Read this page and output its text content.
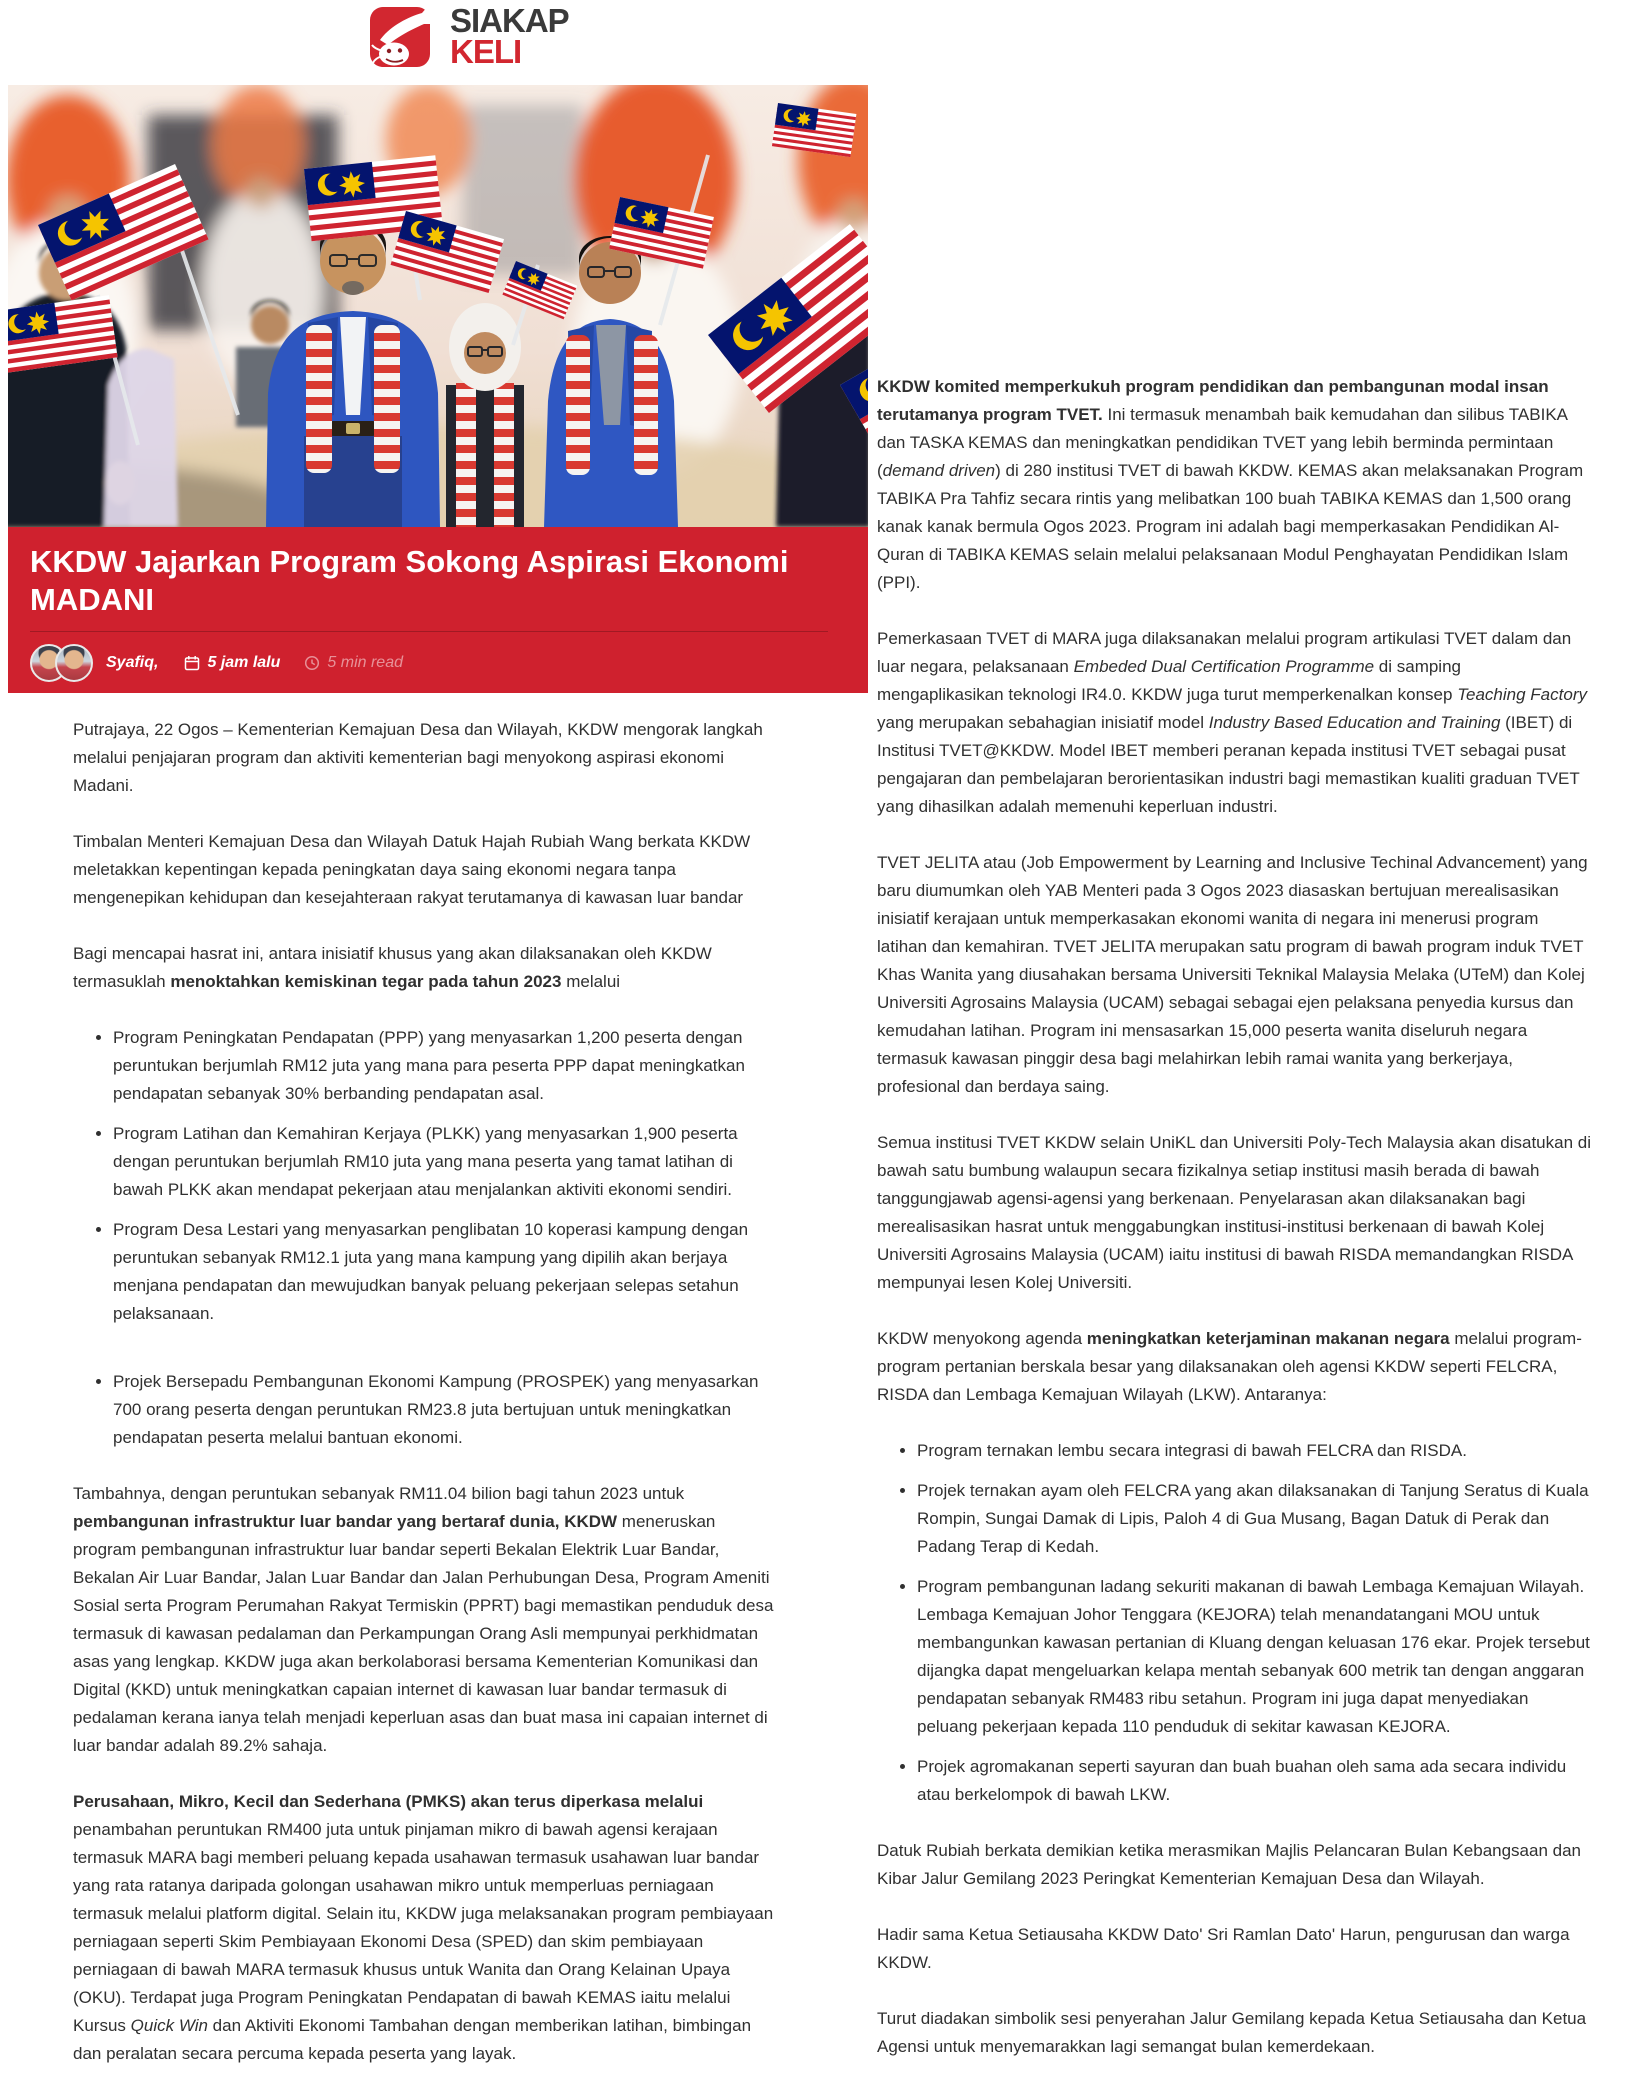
SIAKAP
KELI
KKDW Jajarkan Program Sokong Aspirasi Ekonomi MADANI
Syafiq,	5 jam lalu	5 min read

Putrajaya, 22 Ogos – Kementerian Kemajuan Desa dan Wilayah, KKDW mengorak langkah melalui penjajaran program dan aktiviti kementerian bagi menyokong aspirasi ekonomi Madani.

Timbalan Menteri Kemajuan Desa dan Wilayah Datuk Hajah Rubiah Wang berkata KKDW meletakkan kepentingan kepada peningkatan daya saing ekonomi negara tanpa mengenepikan kehidupan dan kesejahteraan rakyat terutamanya di kawasan luar bandar

Bagi mencapai hasrat ini, antara inisiatif khusus yang akan dilaksanakan oleh KKDW termasuklah menoktahkan kemiskinan tegar pada tahun 2023 melalui

• Program Peningkatan Pendapatan (PPP) yang menyasarkan 1,200 peserta dengan peruntukan berjumlah RM12 juta yang mana para peserta PPP dapat meningkatkan pendapatan sebanyak 30% berbanding pendapatan asal.
• Program Latihan dan Kemahiran Kerjaya (PLKK) yang menyasarkan 1,900 peserta dengan peruntukan berjumlah RM10 juta yang mana peserta yang tamat latihan di bawah PLKK akan mendapat pekerjaan atau menjalankan aktiviti ekonomi sendiri.
• Program Desa Lestari yang menyasarkan penglibatan 10 koperasi kampung dengan peruntukan sebanyak RM12.1 juta yang mana kampung yang dipilih akan berjaya menjana pendapatan dan mewujudkan banyak peluang pekerjaan selepas setahun pelaksanaan.
• Projek Bersepadu Pembangunan Ekonomi Kampung (PROSPEK) yang menyasarkan 700 orang peserta dengan peruntukan RM23.8 juta bertujuan untuk meningkatkan pendapatan peserta melalui bantuan ekonomi.

Tambahnya, dengan peruntukan sebanyak RM11.04 bilion bagi tahun 2023 untuk pembangunan infrastruktur luar bandar yang bertaraf dunia, KKDW meneruskan program pembangunan infrastruktur luar bandar seperti Bekalan Elektrik Luar Bandar, Bekalan Air Luar Bandar, Jalan Luar Bandar dan Jalan Perhubungan Desa, Program Ameniti Sosial serta Program Perumahan Rakyat Termiskin (PPRT) bagi memastikan penduduk desa termasuk di kawasan pedalaman dan Perkampungan Orang Asli mempunyai perkhidmatan asas yang lengkap. KKDW juga akan berkolaborasi bersama Kementerian Komunikasi dan Digital (KKD) untuk meningkatkan capaian internet di kawasan luar bandar termasuk di pedalaman kerana ianya telah menjadi keperluan asas dan buat masa ini capaian internet di luar bandar adalah 89.2% sahaja.

Perusahaan, Mikro, Kecil dan Sederhana (PMKS) akan terus diperkasa melalui penambahan peruntukan RM400 juta untuk pinjaman mikro di bawah agensi kerajaan termasuk MARA bagi memberi peluang kepada usahawan termasuk usahawan luar bandar yang rata ratanya daripada golongan usahawan mikro untuk memperluas perniagaan termasuk melalui platform digital. Selain itu, KKDW juga melaksanakan program pembiayaan perniagaan seperti Skim Pembiayaan Ekonomi Desa (SPED) dan skim pembiayaan perniagaan di bawah MARA termasuk khusus untuk Wanita dan Orang Kelainan Upaya (OKU). Terdapat juga Program Peningkatan Pendapatan di bawah KEMAS iaitu melalui Kursus Quick Win dan Aktiviti Ekonomi Tambahan dengan memberikan latihan, bimbingan dan peralatan secara percuma kepada peserta yang layak.

KKDW komited memperkukuh program pendidikan dan pembangunan modal insan terutamanya program TVET. Ini termasuk menambah baik kemudahan dan silibus TABIKA dan TASKA KEMAS dan meningkatkan pendidikan TVET yang lebih berminda permintaan (demand driven) di 280 institusi TVET di bawah KKDW. KEMAS akan melaksanakan Program TABIKA Pra Tahfiz secara rintis yang melibatkan 100 buah TABIKA KEMAS dan 1,500 orang kanak kanak bermula Ogos 2023. Program ini adalah bagi memperkasakan Pendidikan Al-Quran di TABIKA KEMAS selain melalui pelaksanaan Modul Penghayatan Pendidikan Islam (PPI).

Pemerkasaan TVET di MARA juga dilaksanakan melalui program artikulasi TVET dalam dan luar negara, pelaksanaan Embeded Dual Certification Programme di samping mengaplikasikan teknologi IR4.0. KKDW juga turut memperkenalkan konsep Teaching Factory yang merupakan sebahagian inisiatif model Industry Based Education and Training (IBET) di Institusi TVET@KKDW. Model IBET memberi peranan kepada institusi TVET sebagai pusat pengajaran dan pembelajaran berorientasikan industri bagi memastikan kualiti graduan TVET yang dihasilkan adalah memenuhi keperluan industri.

TVET JELITA atau (Job Empowerment by Learning and Inclusive Techinal Advancement) yang baru diumumkan oleh YAB Menteri pada 3 Ogos 2023 diasaskan bertujuan merealisasikan inisiatif kerajaan untuk memperkasakan ekonomi wanita di negara ini menerusi program latihan dan kemahiran. TVET JELITA merupakan satu program di bawah program induk TVET Khas Wanita yang diusahakan bersama Universiti Teknikal Malaysia Melaka (UTeM) dan Kolej Universiti Agrosains Malaysia (UCAM) sebagai sebagai ejen pelaksana penyedia kursus dan kemudahan latihan. Program ini mensasarkan 15,000 peserta wanita diseluruh negara termasuk kawasan pinggir desa bagi melahirkan lebih ramai wanita yang berkerjaya, profesional dan berdaya saing.

Semua institusi TVET KKDW selain UniKL dan Universiti Poly-Tech Malaysia akan disatukan di bawah satu bumbung walaupun secara fizikalnya setiap institusi masih berada di bawah tanggungjawab agensi-agensi yang berkenaan. Penyelarasan akan dilaksanakan bagi merealisasikan hasrat untuk menggabungkan institusi-institusi berkenaan di bawah Kolej Universiti Agrosains Malaysia (UCAM) iaitu institusi di bawah RISDA memandangkan RISDA mempunyai lesen Kolej Universiti.

KKDW menyokong agenda meningkatkan keterjaminan makanan negara melalui program-program pertanian berskala besar yang dilaksanakan oleh agensi KKDW seperti FELCRA, RISDA dan Lembaga Kemajuan Wilayah (LKW). Antaranya:

• Program ternakan lembu secara integrasi di bawah FELCRA dan RISDA.
• Projek ternakan ayam oleh FELCRA yang akan dilaksanakan di Tanjung Seratus di Kuala Rompin, Sungai Damak di Lipis, Paloh 4 di Gua Musang, Bagan Datuk di Perak dan Padang Terap di Kedah.
• Program pembangunan ladang sekuriti makanan di bawah Lembaga Kemajuan Wilayah. Lembaga Kemajuan Johor Tenggara (KEJORA) telah menandatangani MOU untuk membangunkan kawasan pertanian di Kluang dengan keluasan 176 ekar. Projek tersebut dijangka dapat mengeluarkan kelapa mentah sebanyak 600 metrik tan dengan anggaran pendapatan sebanyak RM483 ribu setahun. Program ini juga dapat menyediakan peluang pekerjaan kepada 110 penduduk di sekitar kawasan KEJORA.
• Projek agromakanan seperti sayuran dan buah buahan oleh sama ada secara individu atau berkelompok di bawah LKW.

Datuk Rubiah berkata demikian ketika merasmikan Majlis Pelancaran Bulan Kebangsaan dan Kibar Jalur Gemilang 2023 Peringkat Kementerian Kemajuan Desa dan Wilayah.

Hadir sama Ketua Setiausaha KKDW Dato' Sri Ramlan Dato' Harun, pengurusan dan warga KKDW.

Turut diadakan simbolik sesi penyerahan Jalur Gemilang kepada Ketua Setiausaha dan Ketua Agensi untuk menyemarakkan lagi semangat bulan kemerdekaan.
